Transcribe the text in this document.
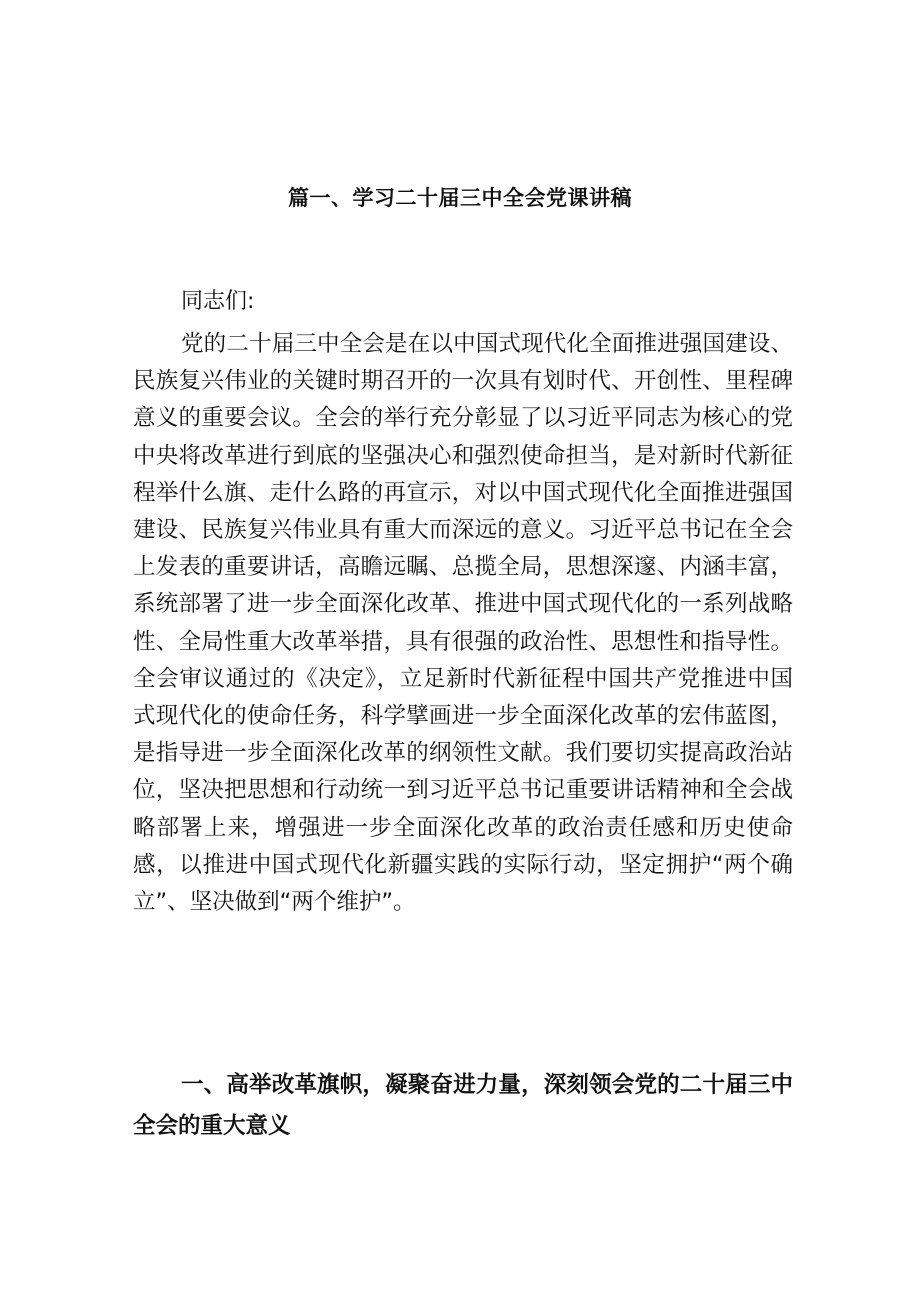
篇一、学习二十届三中全会党课讲稿

同志们:

党的二十届三中全会是在以中国式现代化全面推进强国建设、民族复兴伟业的关键时期召开的一次具有划时代、开创性、里程碑意义的重要会议。全会的举行充分彰显了以习近平同志为核心的党中央将改革进行到底的坚强决心和强烈使命担当，是对新时代新征程举什么旗、走什么路的再宣示，对以中国式现代化全面推进强国建设、民族复兴伟业具有重大而深远的意义。习近平总书记在全会上发表的重要讲话，高瞻远瞩、总揽全局，思想深邃、内涵丰富，系统部署了进一步全面深化改革、推进中国式现代化的一系列战略性、全局性重大改革举措，具有很强的政治性、思想性和指导性。全会审议通过的《决定》，立足新时代新征程中国共产党推进中国式现代化的使命任务，科学擘画进一步全面深化改革的宏伟蓝图，是指导进一步全面深化改革的纲领性文献。我们要切实提高政治站位，坚决把思想和行动统一到习近平总书记重要讲话精神和全会战略部署上来，增强进一步全面深化改革的政治责任感和历史使命感，以推进中国式现代化新疆实践的实际行动，坚定拥护“两个确立”、坚决做到“两个维护”。

一、高举改革旗帜，凝聚奋进力量，深刻领会党的二十届三中全会的重大意义
